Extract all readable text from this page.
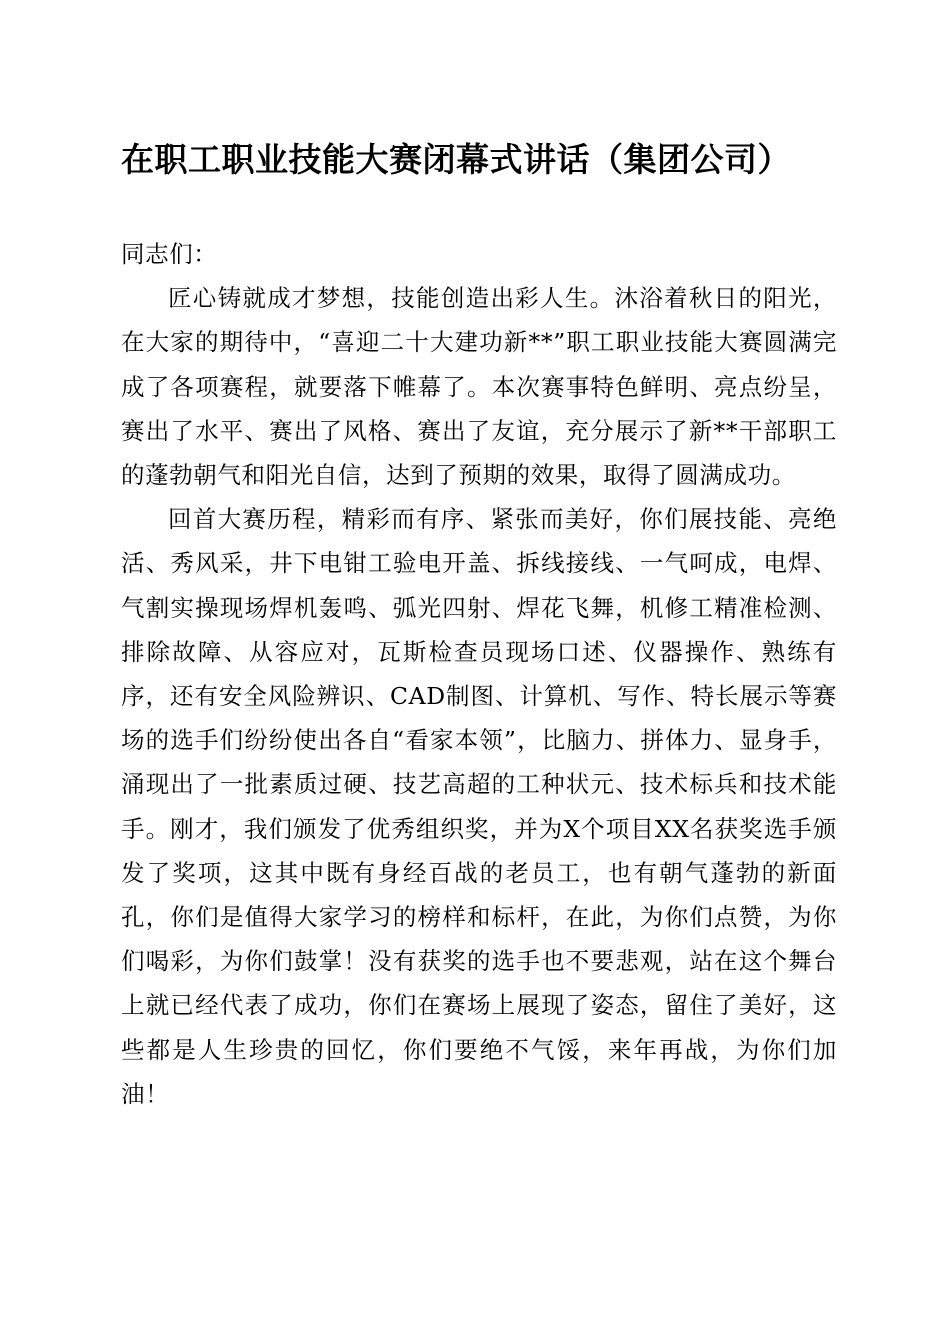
在职工职业技能大赛闭幕式讲话（集团公司）

同志们：

匠心铸就成才梦想，技能创造出彩人生。沐浴着秋日的阳光，在大家的期待中，“喜迎二十大建功新**”职工职业技能大赛圆满完成了各项赛程，就要落下帷幕了。本次赛事特色鲜明、亮点纷呈，赛出了水平、赛出了风格、赛出了友谊，充分展示了新**干部职工的蓬勃朝气和阳光自信，达到了预期的效果，取得了圆满成功。

回首大赛历程，精彩而有序、紧张而美好，你们展技能、亮绝活、秀风采，井下电钳工验电开盖、拆线接线、一气呵成，电焊、气割实操现场焊机轰鸣、弧光四射、焊花飞舞，机修工精准检测、排除故障、从容应对，瓦斯检查员现场口述、仪器操作、熟练有序，还有安全风险辨识、CAD制图、计算机、写作、特长展示等赛场的选手们纷纷使出各自“看家本领”，比脑力、拼体力、显身手，涌现出了一批素质过硬、技艺高超的工种状元、技术标兵和技术能手。刚才，我们颁发了优秀组织奖，并为X个项目XX名获奖选手颁发了奖项，这其中既有身经百战的老员工，也有朝气蓬勃的新面孔，你们是值得大家学习的榜样和标杆，在此，为你们点赞，为你们喝彩，为你们鼓掌！没有获奖的选手也不要悲观，站在这个舞台上就已经代表了成功，你们在赛场上展现了姿态，留住了美好，这些都是人生珍贵的回忆，你们要绝不气馁，来年再战，为你们加油！
